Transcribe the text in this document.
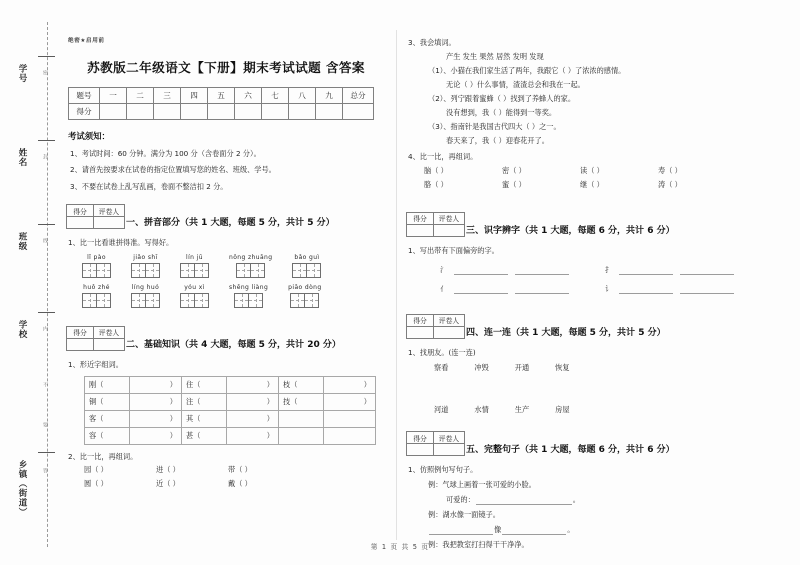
学号	密
姓名	封
班级	线
学校	内
不
要
乡镇（街道）	答
绝密★启用前
苏教版二年级语文【下册】期末考试试题 含答案
题号	一	二	三	四	五	六	七	八	九	总分
得分										
考试须知：
1、考试时间：60 分钟。满分为 100 分（含卷面分 2 分）。
2、请首先按要求在试卷的指定位置填写您的姓名、班级、学号。
3、不要在试卷上乱写乱画，卷面不整洁扣 2 分。
得分	评卷人

一、拼音部分（共 1 大题，每题 5 分，共计 5 分）
1、比一比看谁拼得准。写得好。
lǐ pào	jiǎo shī	lín jū	nǒng zhuāng	bǎo guì
huǒ zhé	líng huó	yóu xì	shēng liàng	piāo dòng
得分	评卷人

二、基础知识（共 4 大题，每题 5 分，共计 20 分）
1、形近字组词。
刚（	）	住（	）	枝（	）
铜（	）	注（	）	技（	）
客（	）	其（	）		
容（	）	甚（	）		
2、比一比，再组词。
园（ ）	进（ ）	带（ ）
圆（ ）	近（ ）	戴（ ）
3、我会填词。
产生 发生 果然 居然 发明 发现
（1）、小猫在我们家生活了两年，我跟它（ ）了浓浓的感情。
无论（ ）什么事情，渣渣总会和我在一起。
（2）、列宁跟着蜜蜂（ ）找到了养蜂人的家。
没有想到，我（ ）能得到一等奖。
（3）、指南针是我国古代四大（ ）之一。
春天来了，我（ ）迎春花开了。
4、比一比，再组词。
脑（ ）	密（ ）	读（ ）	寿（ ）
胳（ ）	蜜（ ）	继（ ）	涛（ ）
得分	评卷人

三、识字辨字（共 1 大题，每题 6 分，共计 6 分）
1、写出带有下面偏旁的字。
氵	扌
亻	讠
得分	评卷人

四、连一连（共 1 大题，每题 5 分，共计 5 分）
1、找朋友。(连一连)
察看	冲毁	开通	恢复
河道	水情	生产	房屋
得分	评卷人

五、完整句子（共 1 大题，每题 6 分，共计 6 分）
1、仿照例句写句子。
例：气球上画着一张可爱的小脸。
可爱的：	。
例：湖水像一面镜子。
像	。
例：我把教室打扫得干干净净。
第 1 页 共 5 页
